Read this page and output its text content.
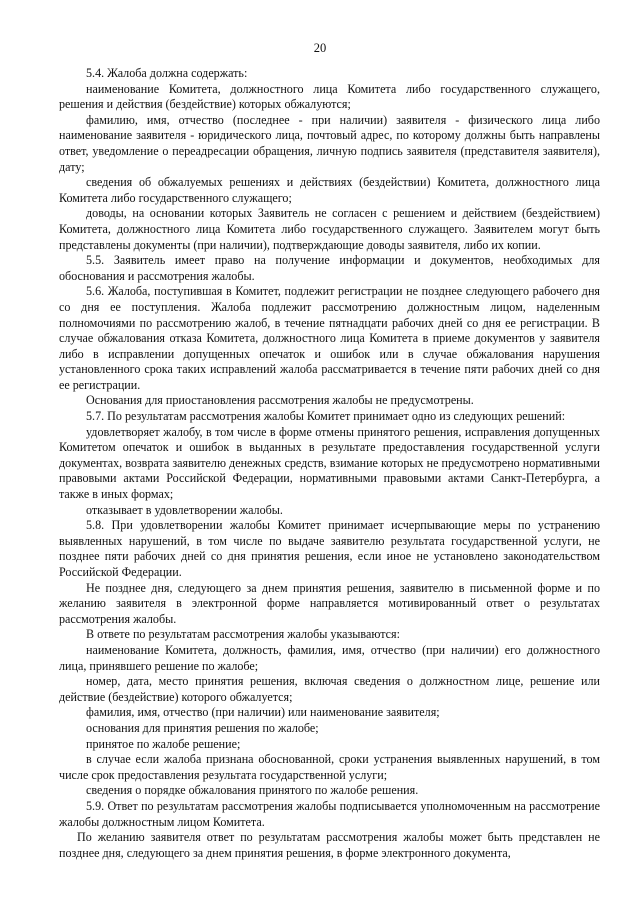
20

5.4. Жалоба должна содержать:

наименование Комитета, должностного лица Комитета либо государственного служащего, решения и действия (бездействие) которых обжалуются;

фамилию, имя, отчество (последнее - при наличии) заявителя - физического лица либо наименование заявителя - юридического лица, почтовый адрес, по которому должны быть направлены ответ, уведомление о переадресации обращения, личную подпись заявителя (представителя заявителя), дату;

сведения об обжалуемых решениях и действиях (бездействии) Комитета, должностного лица Комитета либо государственного служащего;

доводы, на основании которых Заявитель не согласен с решением и действием (бездействием) Комитета, должностного лица Комитета либо государственного служащего. Заявителем могут быть представлены документы (при наличии), подтверждающие доводы заявителя, либо их копии.

5.5. Заявитель имеет право на получение информации и документов, необходимых для обоснования и рассмотрения жалобы.

5.6. Жалоба, поступившая в Комитет, подлежит регистрации не позднее следующего рабочего дня со дня ее поступления. Жалоба подлежит рассмотрению должностным лицом, наделенным полномочиями по рассмотрению жалоб, в течение пятнадцати рабочих дней со дня ее регистрации. В случае обжалования отказа Комитета, должностного лица Комитета в приеме документов у заявителя либо в исправлении допущенных опечаток и ошибок или в случае обжалования нарушения установленного срока таких исправлений жалоба рассматривается в течение пяти рабочих дней со дня ее регистрации.

Основания для приостановления рассмотрения жалобы не предусмотрены.

5.7. По результатам рассмотрения жалобы Комитет принимает одно из следующих решений:

удовлетворяет жалобу, в том числе в форме отмены принятого решения, исправления допущенных Комитетом опечаток и ошибок в выданных в результате предоставления государственной услуги документах, возврата заявителю денежных средств, взимание которых не предусмотрено нормативными правовыми актами Российской Федерации, нормативными правовыми актами Санкт-Петербурга, а также в иных формах;

отказывает в удовлетворении жалобы.

5.8. При удовлетворении жалобы Комитет принимает исчерпывающие меры по устранению выявленных нарушений, в том числе по выдаче заявителю результата государственной услуги, не позднее пяти рабочих дней со дня принятия решения, если иное не установлено законодательством Российской Федерации.

Не позднее дня, следующего за днем принятия решения, заявителю в письменной форме и по желанию заявителя в электронной форме направляется мотивированный ответ о результатах рассмотрения жалобы.

В ответе по результатам рассмотрения жалобы указываются:

наименование Комитета, должность, фамилия, имя, отчество (при наличии) его должностного лица, принявшего решение по жалобе;

номер, дата, место принятия решения, включая сведения о должностном лице, решение или действие (бездействие) которого обжалуется;

фамилия, имя, отчество (при наличии) или наименование заявителя;

основания для принятия решения по жалобе;

принятое по жалобе решение;

в случае если жалоба признана обоснованной, сроки устранения выявленных нарушений, в том числе срок предоставления результата государственной услуги;

сведения о порядке обжалования принятого по жалобе решения.

5.9. Ответ по результатам рассмотрения жалобы подписывается уполномоченным на рассмотрение жалобы должностным лицом Комитета.

По желанию заявителя ответ по результатам рассмотрения жалобы может быть представлен не позднее дня, следующего за днем принятия решения, в форме электронного документа,
